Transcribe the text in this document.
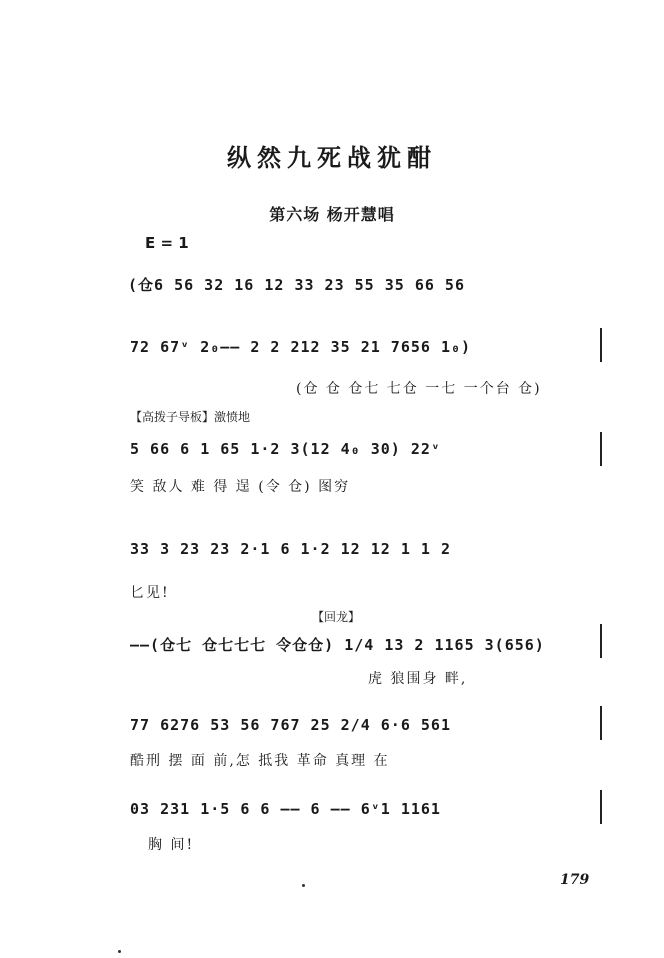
纵然九死战犹酣
第六场 杨开慧唱
E = 1
(仓6 56 32 16 12 33 23 55 35 66 56
72 67ᵛ 2₀—— 2 2 212 35 21 7656 1₀)
(仓 仓 仓七 七仓 一七 一个台 仓)
【高拨子导板】激愤地
5 66 6 1 65 1·2 3(12 4₀ 30) 22ᵛ
笑 敌人 难 得 逞 (令 仓) 图穷
33 3 23 23 2·1 6 1·2 12 12 1 1 2
匕见!
【回龙】
——(仓七 仓七七七 令仓仓) 1/4 13 2 1165 3(656)
虎 狼围身 畔,
77 6276 53 56 767 25 2/4 6·6 561
酷刑 摆 面 前,怎 抵我 革命 真理 在
03 231 1·5 6 6 —— 6 —— 6ᵛ1 1161
胸 间!
179
